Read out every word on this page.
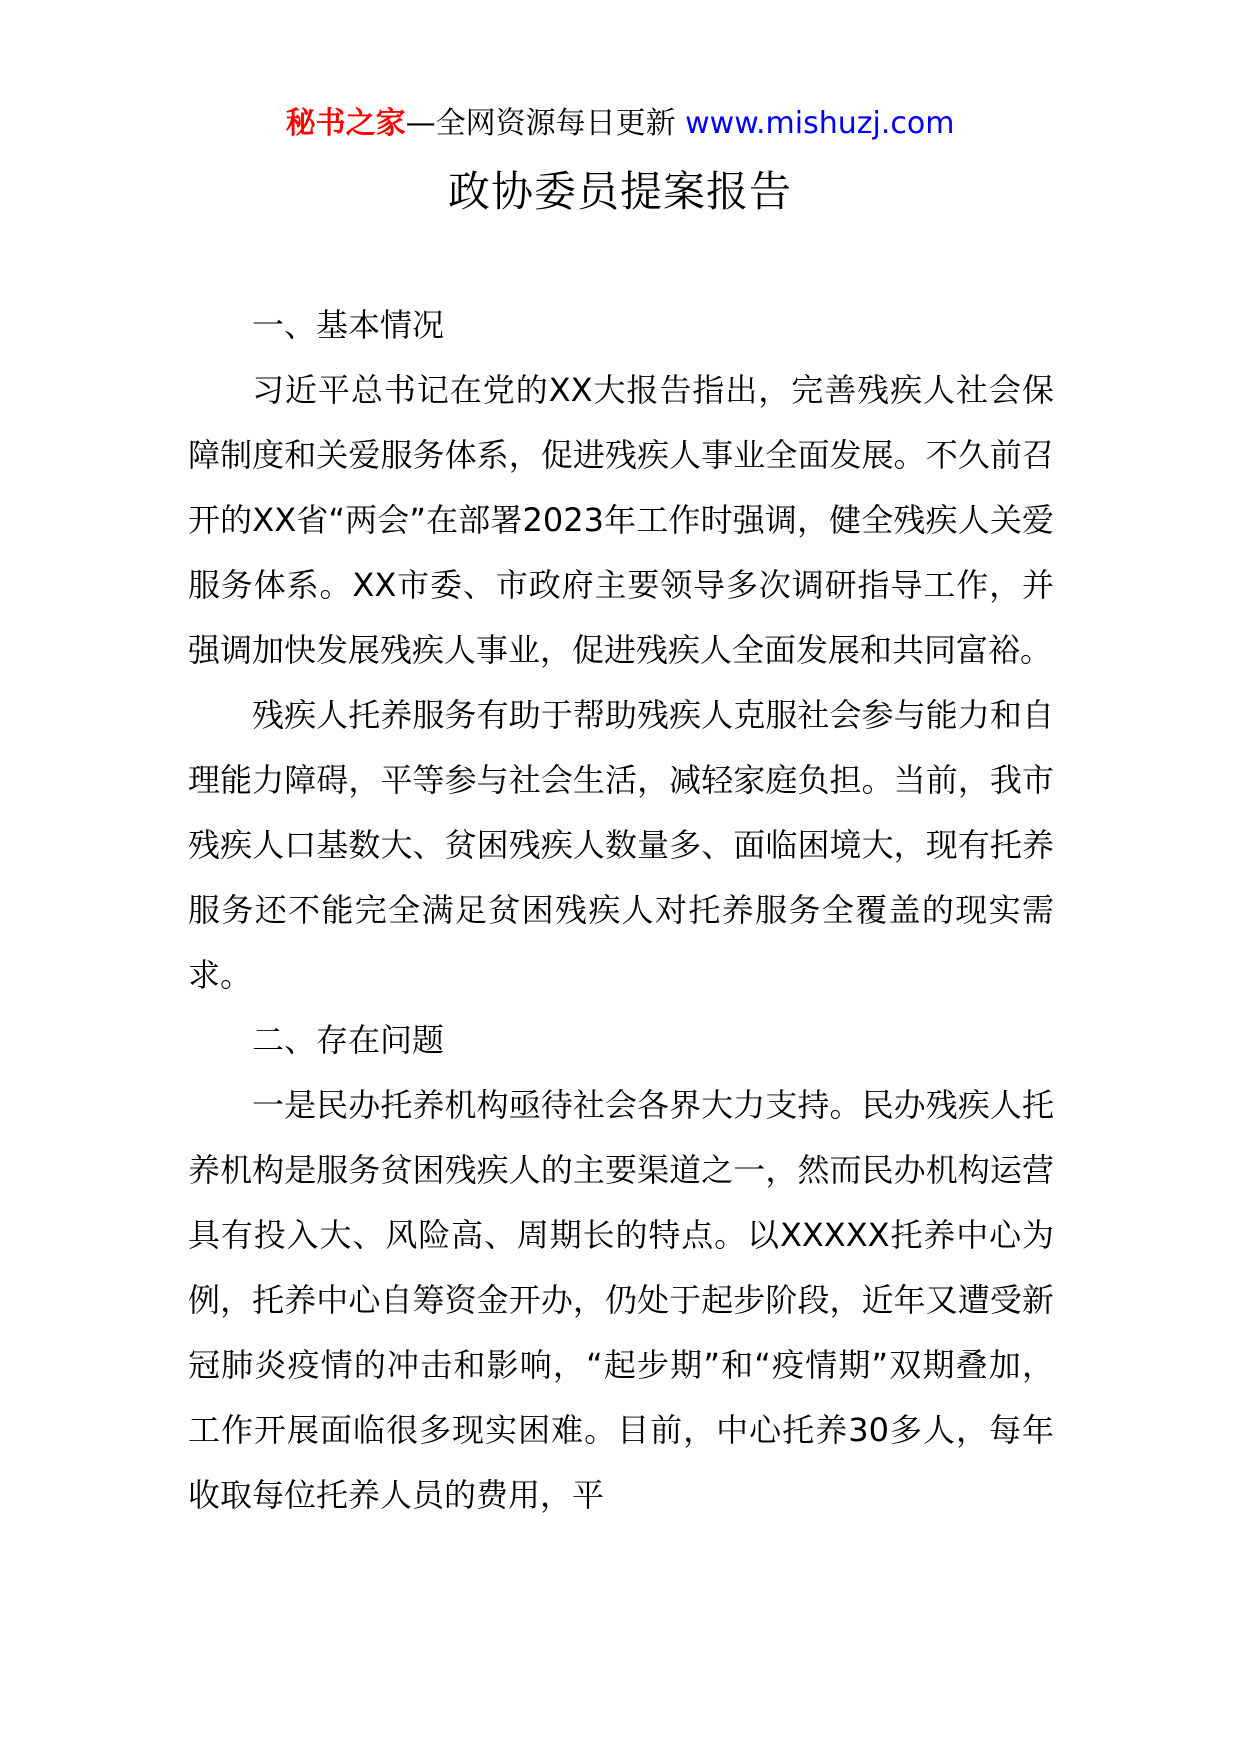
秘书之家—全网资源每日更新 www.mishuzj.com
政协委员提案报告

一、基本情况

习近平总书记在党的XX大报告指出，完善残疾人社会保障制度和关爱服务体系，促进残疾人事业全面发展。不久前召开的XX省“两会”在部署2023年工作时强调，健全残疾人关爱服务体系。XX市委、市政府主要领导多次调研指导工作，并强调加快发展残疾人事业，促进残疾人全面发展和共同富裕。

残疾人托养服务有助于帮助残疾人克服社会参与能力和自理能力障碍，平等参与社会生活，减轻家庭负担。当前，我市残疾人口基数大、贫困残疾人数量多、面临困境大，现有托养服务还不能完全满足贫困残疾人对托养服务全覆盖的现实需求。

二、存在问题

一是民办托养机构亟待社会各界大力支持。民办残疾人托养机构是服务贫困残疾人的主要渠道之一，然而民办机构运营具有投入大、风险高、周期长的特点。以XXXXX托养中心为例，托养中心自筹资金开办，仍处于起步阶段，近年又遭受新冠肺炎疫情的冲击和影响，“起步期”和“疫情期”双期叠加，工作开展面临很多现实困难。目前，中心托养30多人，每年收取每位托养人员的费用，平
